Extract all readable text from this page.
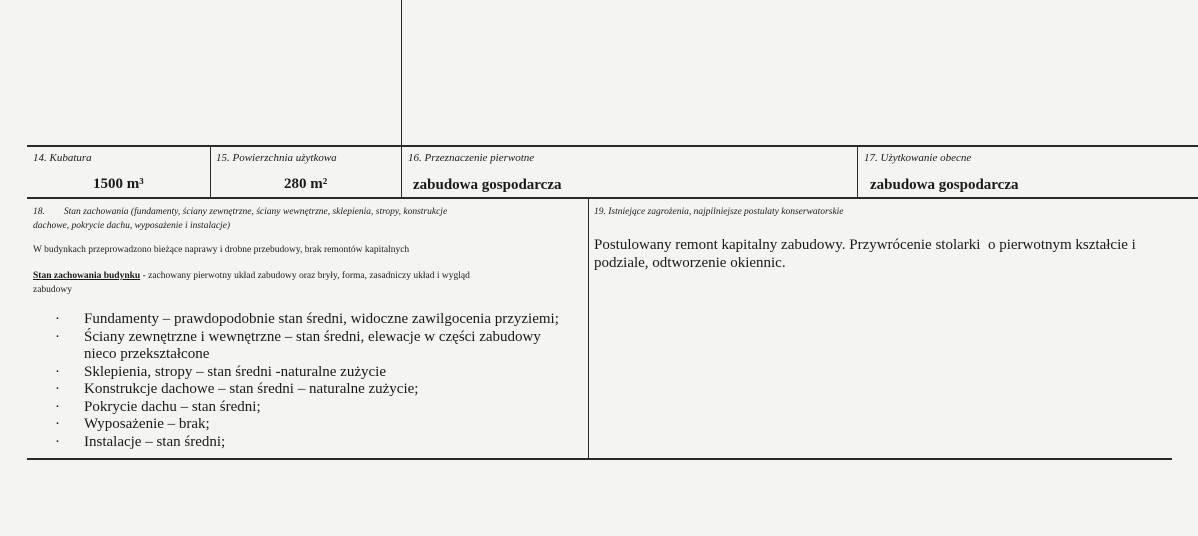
14. Kubatura
1500 m³
15. Powierzchnia użytkowa
280 m²
16. Przeznaczenie pierwotne
zabudowa gospodarcza
17. Użytkowanie obecne
zabudowa gospodarcza
18.        Stan zachowania (fundamenty, ściany zewnętrzne, ściany wewnętrzne, sklepienia, stropy, konstrukcje
dachowe, pokrycie dachu, wyposażenie i instalacje)
W budynkach przeprowadzono bieżące naprawy i drobne przebudowy, brak remontów kapitalnych
Stan zachowania budynku - zachowany pierwotny układ zabudowy oraz bryły, forma, zasadniczy układ i wygląd
zabudowy
·	Fundamenty – prawdopodobnie stan średni, widoczne zawilgocenia przyziemi;
·	Ściany zewnętrzne i wewnętrzne – stan średni, elewacje w części zabudowy nieco przekształcone
·	Sklepienia, stropy – stan średni -naturalne zużycie
·	Konstrukcje dachowe – stan średni – naturalne zużycie;
·	Pokrycie dachu – stan średni;
·	Wyposażenie – brak;
·	Instalacje – stan średni;
19. Istniejące zagrożenia, najpilniejsze postulaty konserwatorskie
Postulowany remont kapitalny zabudowy. Przywrócenie stolarki  o pierwotnym kształcie i
podziale, odtworzenie okiennic.
